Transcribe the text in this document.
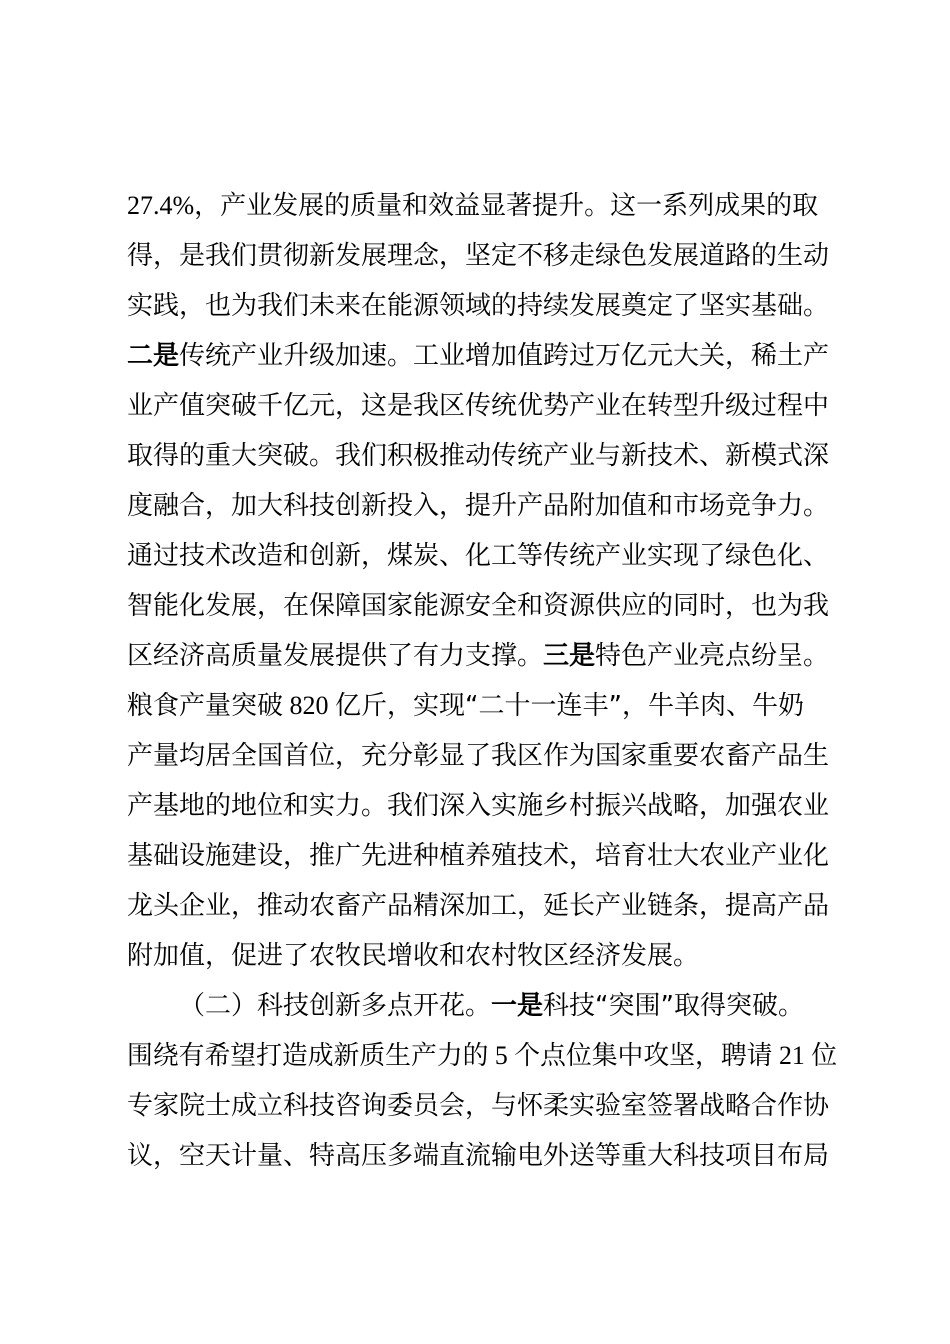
27.4%，产业发展的质量和效益显著提升。这一系列成果的取
得，是我们贯彻新发展理念，坚定不移走绿色发展道路的生动
实践，也为我们未来在能源领域的持续发展奠定了坚实基础。
二是传统产业升级加速。工业增加值跨过万亿元大关，稀土产
业产值突破千亿元，这是我区传统优势产业在转型升级过程中
取得的重大突破。我们积极推动传统产业与新技术、新模式深
度融合，加大科技创新投入，提升产品附加值和市场竞争力。
通过技术改造和创新，煤炭、化工等传统产业实现了绿色化、
智能化发展，在保障国家能源安全和资源供应的同时，也为我
区经济高质量发展提供了有力支撑。三是特色产业亮点纷呈。
粮食产量突破 820 亿斤，实现“二十一连丰”，牛羊肉、牛奶
产量均居全国首位，充分彰显了我区作为国家重要农畜产品生
产基地的地位和实力。我们深入实施乡村振兴战略，加强农业
基础设施建设，推广先进种植养殖技术，培育壮大农业产业化
龙头企业，推动农畜产品精深加工，延长产业链条，提高产品
附加值，促进了农牧民增收和农村牧区经济发展。
（二）科技创新多点开花。一是科技“突围”取得突破。
围绕有希望打造成新质生产力的 5 个点位集中攻坚，聘请 21 位
专家院士成立科技咨询委员会，与怀柔实验室签署战略合作协
议，空天计量、特高压多端直流输电外送等重大科技项目布局
